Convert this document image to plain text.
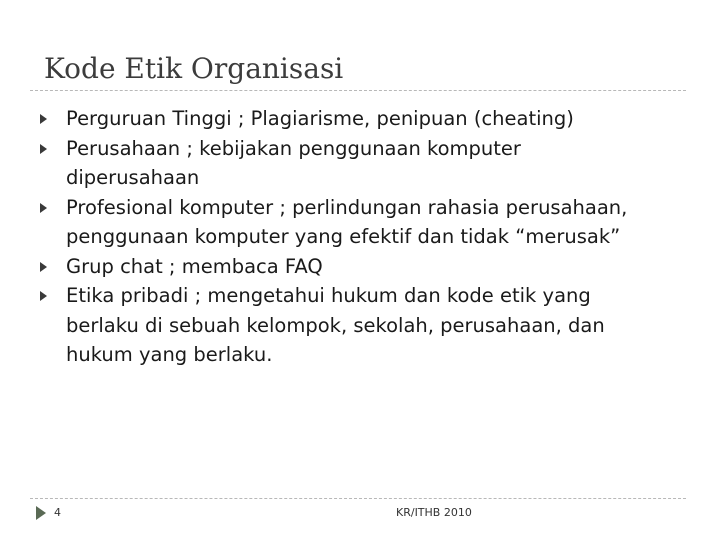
Kode Etik Organisasi
Perguruan Tinggi ; Plagiarisme, penipuan (cheating)
Perusahaan ; kebijakan penggunaan komputer
diperusahaan
Profesional komputer ; perlindungan rahasia perusahaan,
penggunaan komputer yang efektif dan tidak “merusak”
Grup chat ; membaca FAQ
Etika pribadi ; mengetahui hukum dan kode etik yang
berlaku di sebuah kelompok, sekolah, perusahaan, dan
hukum yang berlaku.
4	KR/ITHB 2010
